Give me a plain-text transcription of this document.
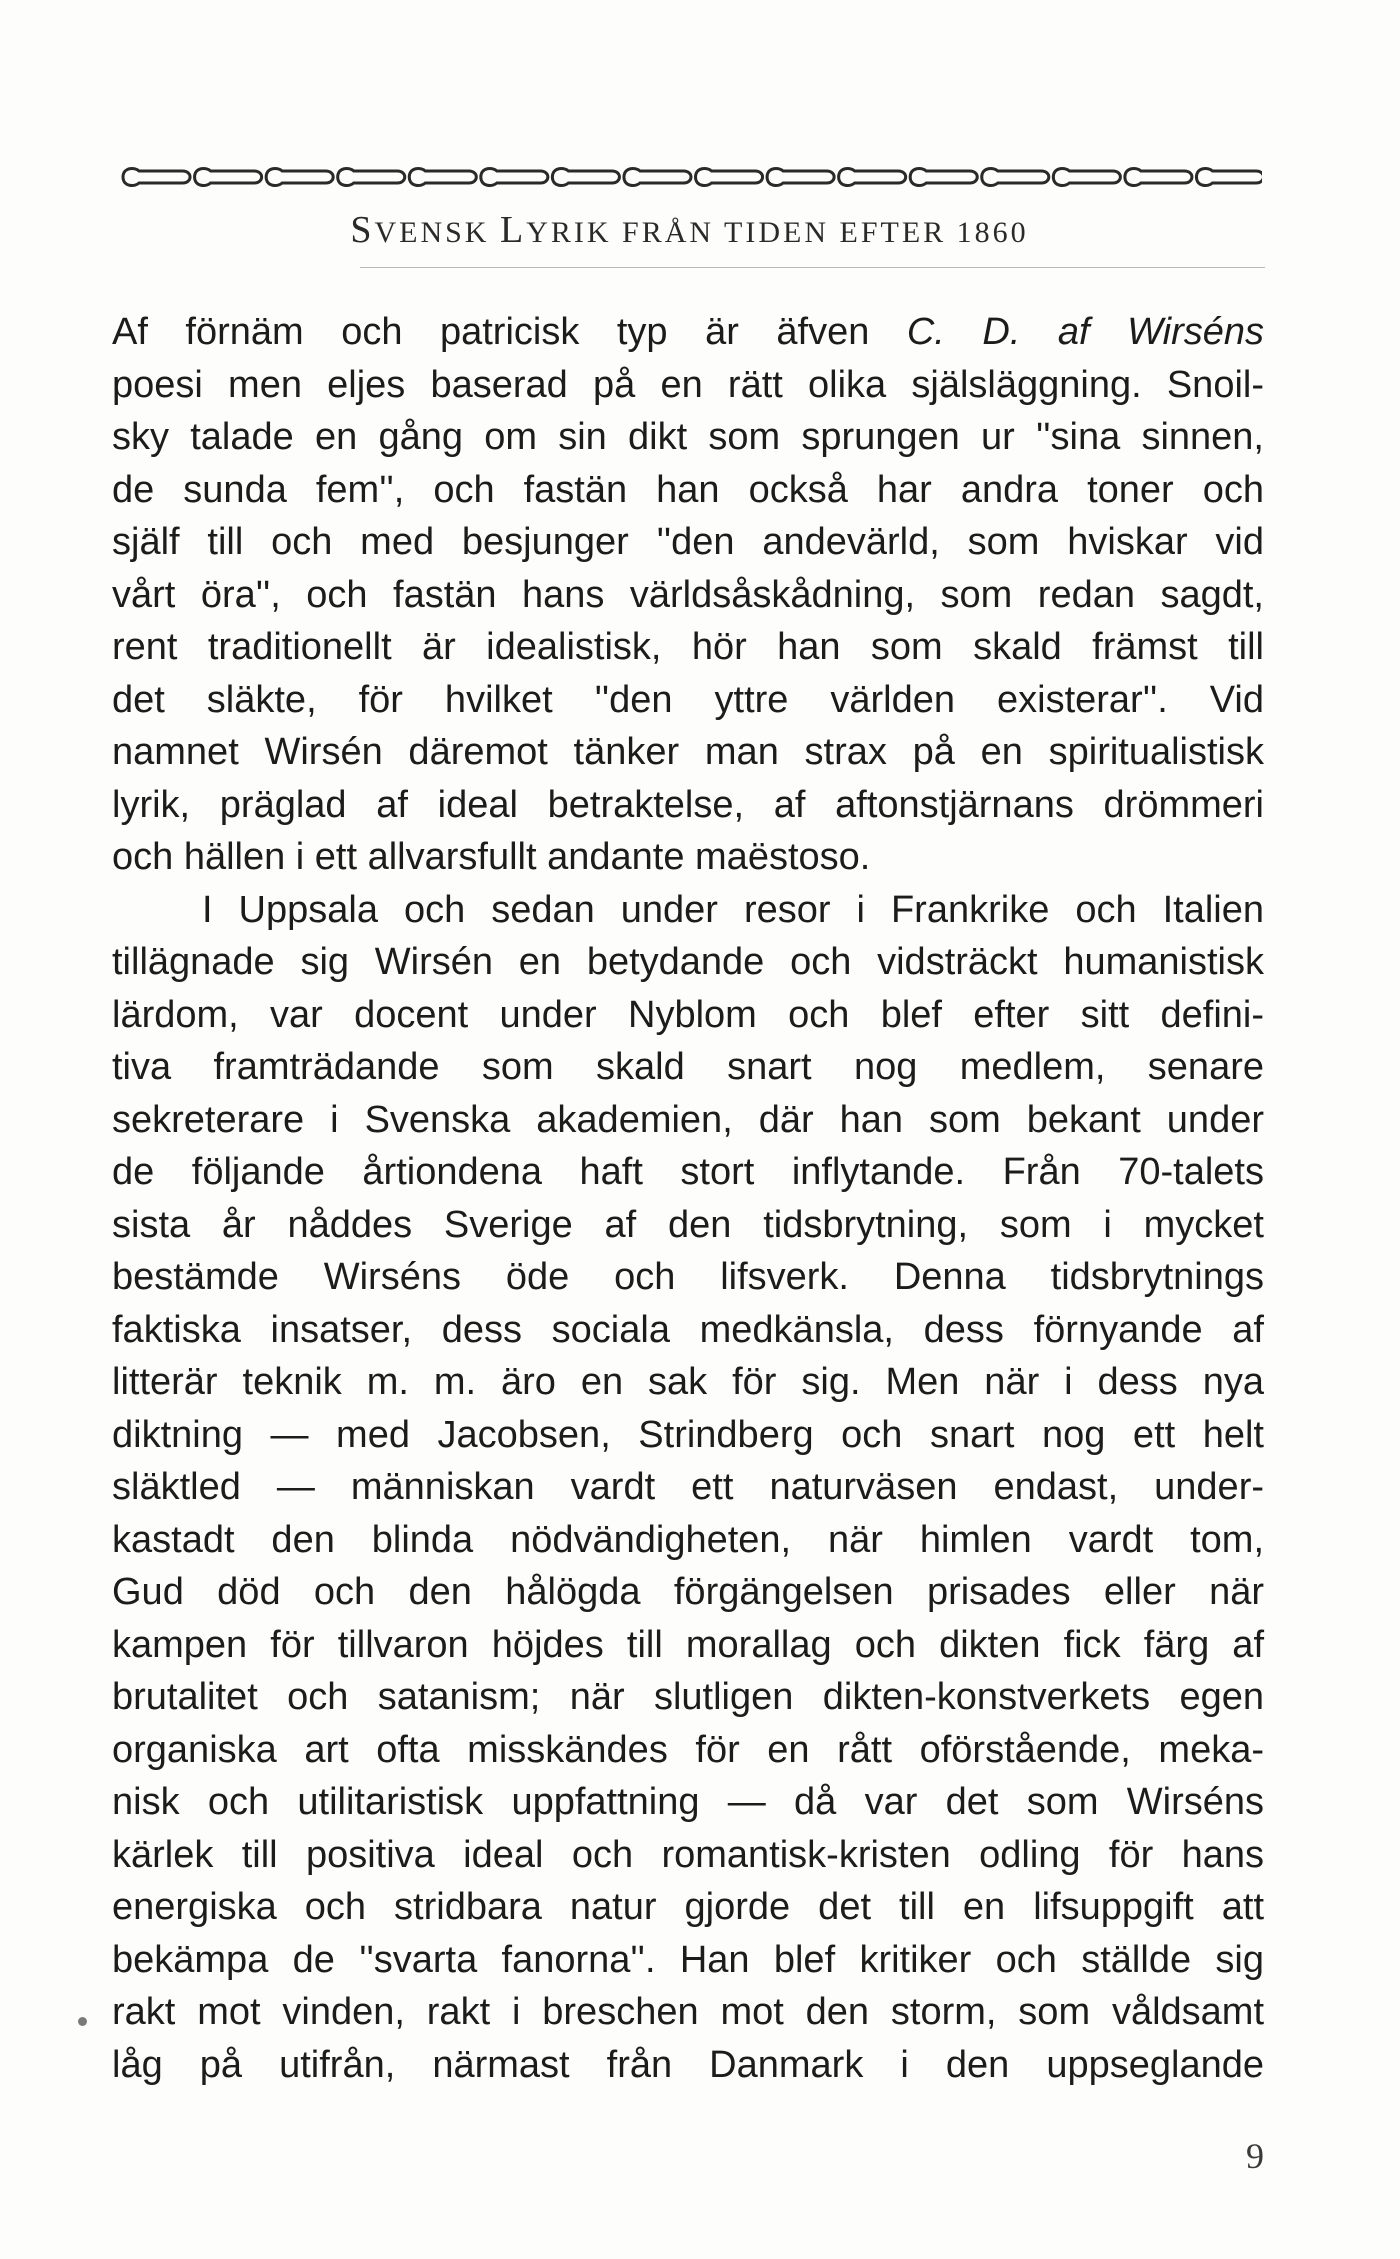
SVENSK LYRIK FRÅN TIDEN EFTER 1860
Af förnäm och patricisk typ är äfven C. D. af Wirséns
poesi men eljes baserad på en rätt olika själsläggning. Snoil-
sky talade en gång om sin dikt som sprungen ur ''sina sinnen,
de sunda fem'', och fastän han också har andra toner och
själf till och med besjunger ''den andevärld, som hviskar vid
vårt öra'', och fastän hans världsåskådning, som redan sagdt,
rent traditionellt är idealistisk, hör han som skald främst till
det släkte, för hvilket ''den yttre världen existerar''. Vid
namnet Wirsén däremot tänker man strax på en spiritualistisk
lyrik, präglad af ideal betraktelse, af aftonstjärnans drömmeri
och hällen i ett allvarsfullt andante maëstoso.
I Uppsala och sedan under resor i Frankrike och Italien
tillägnade sig Wirsén en betydande och vidsträckt humanistisk
lärdom, var docent under Nyblom och blef efter sitt defini-
tiva framträdande som skald snart nog medlem, senare
sekreterare i Svenska akademien, där han som bekant under
de följande årtiondena haft stort inflytande. Från 70-talets
sista år nåddes Sverige af den tidsbrytning, som i mycket
bestämde Wirséns öde och lifsverk. Denna tidsbrytnings
faktiska insatser, dess sociala medkänsla, dess förnyande af
litterär teknik m. m. äro en sak för sig. Men när i dess nya
diktning — med Jacobsen, Strindberg och snart nog ett helt
släktled — människan vardt ett naturväsen endast, under-
kastadt den blinda nödvändigheten, när himlen vardt tom,
Gud död och den hålögda förgängelsen prisades eller när
kampen för tillvaron höjdes till morallag och dikten fick färg af
brutalitet och satanism; när slutligen dikten-konstverkets egen
organiska art ofta misskändes för en rått oförstående, meka-
nisk och utilitaristisk uppfattning — då var det som Wirséns
kärlek till positiva ideal och romantisk-kristen odling för hans
energiska och stridbara natur gjorde det till en lifsuppgift att
bekämpa de ''svarta fanorna''. Han blef kritiker och ställde sig
rakt mot vinden, rakt i breschen mot den storm, som våldsamt
låg på utifrån, närmast från Danmark i den uppseglande
9
